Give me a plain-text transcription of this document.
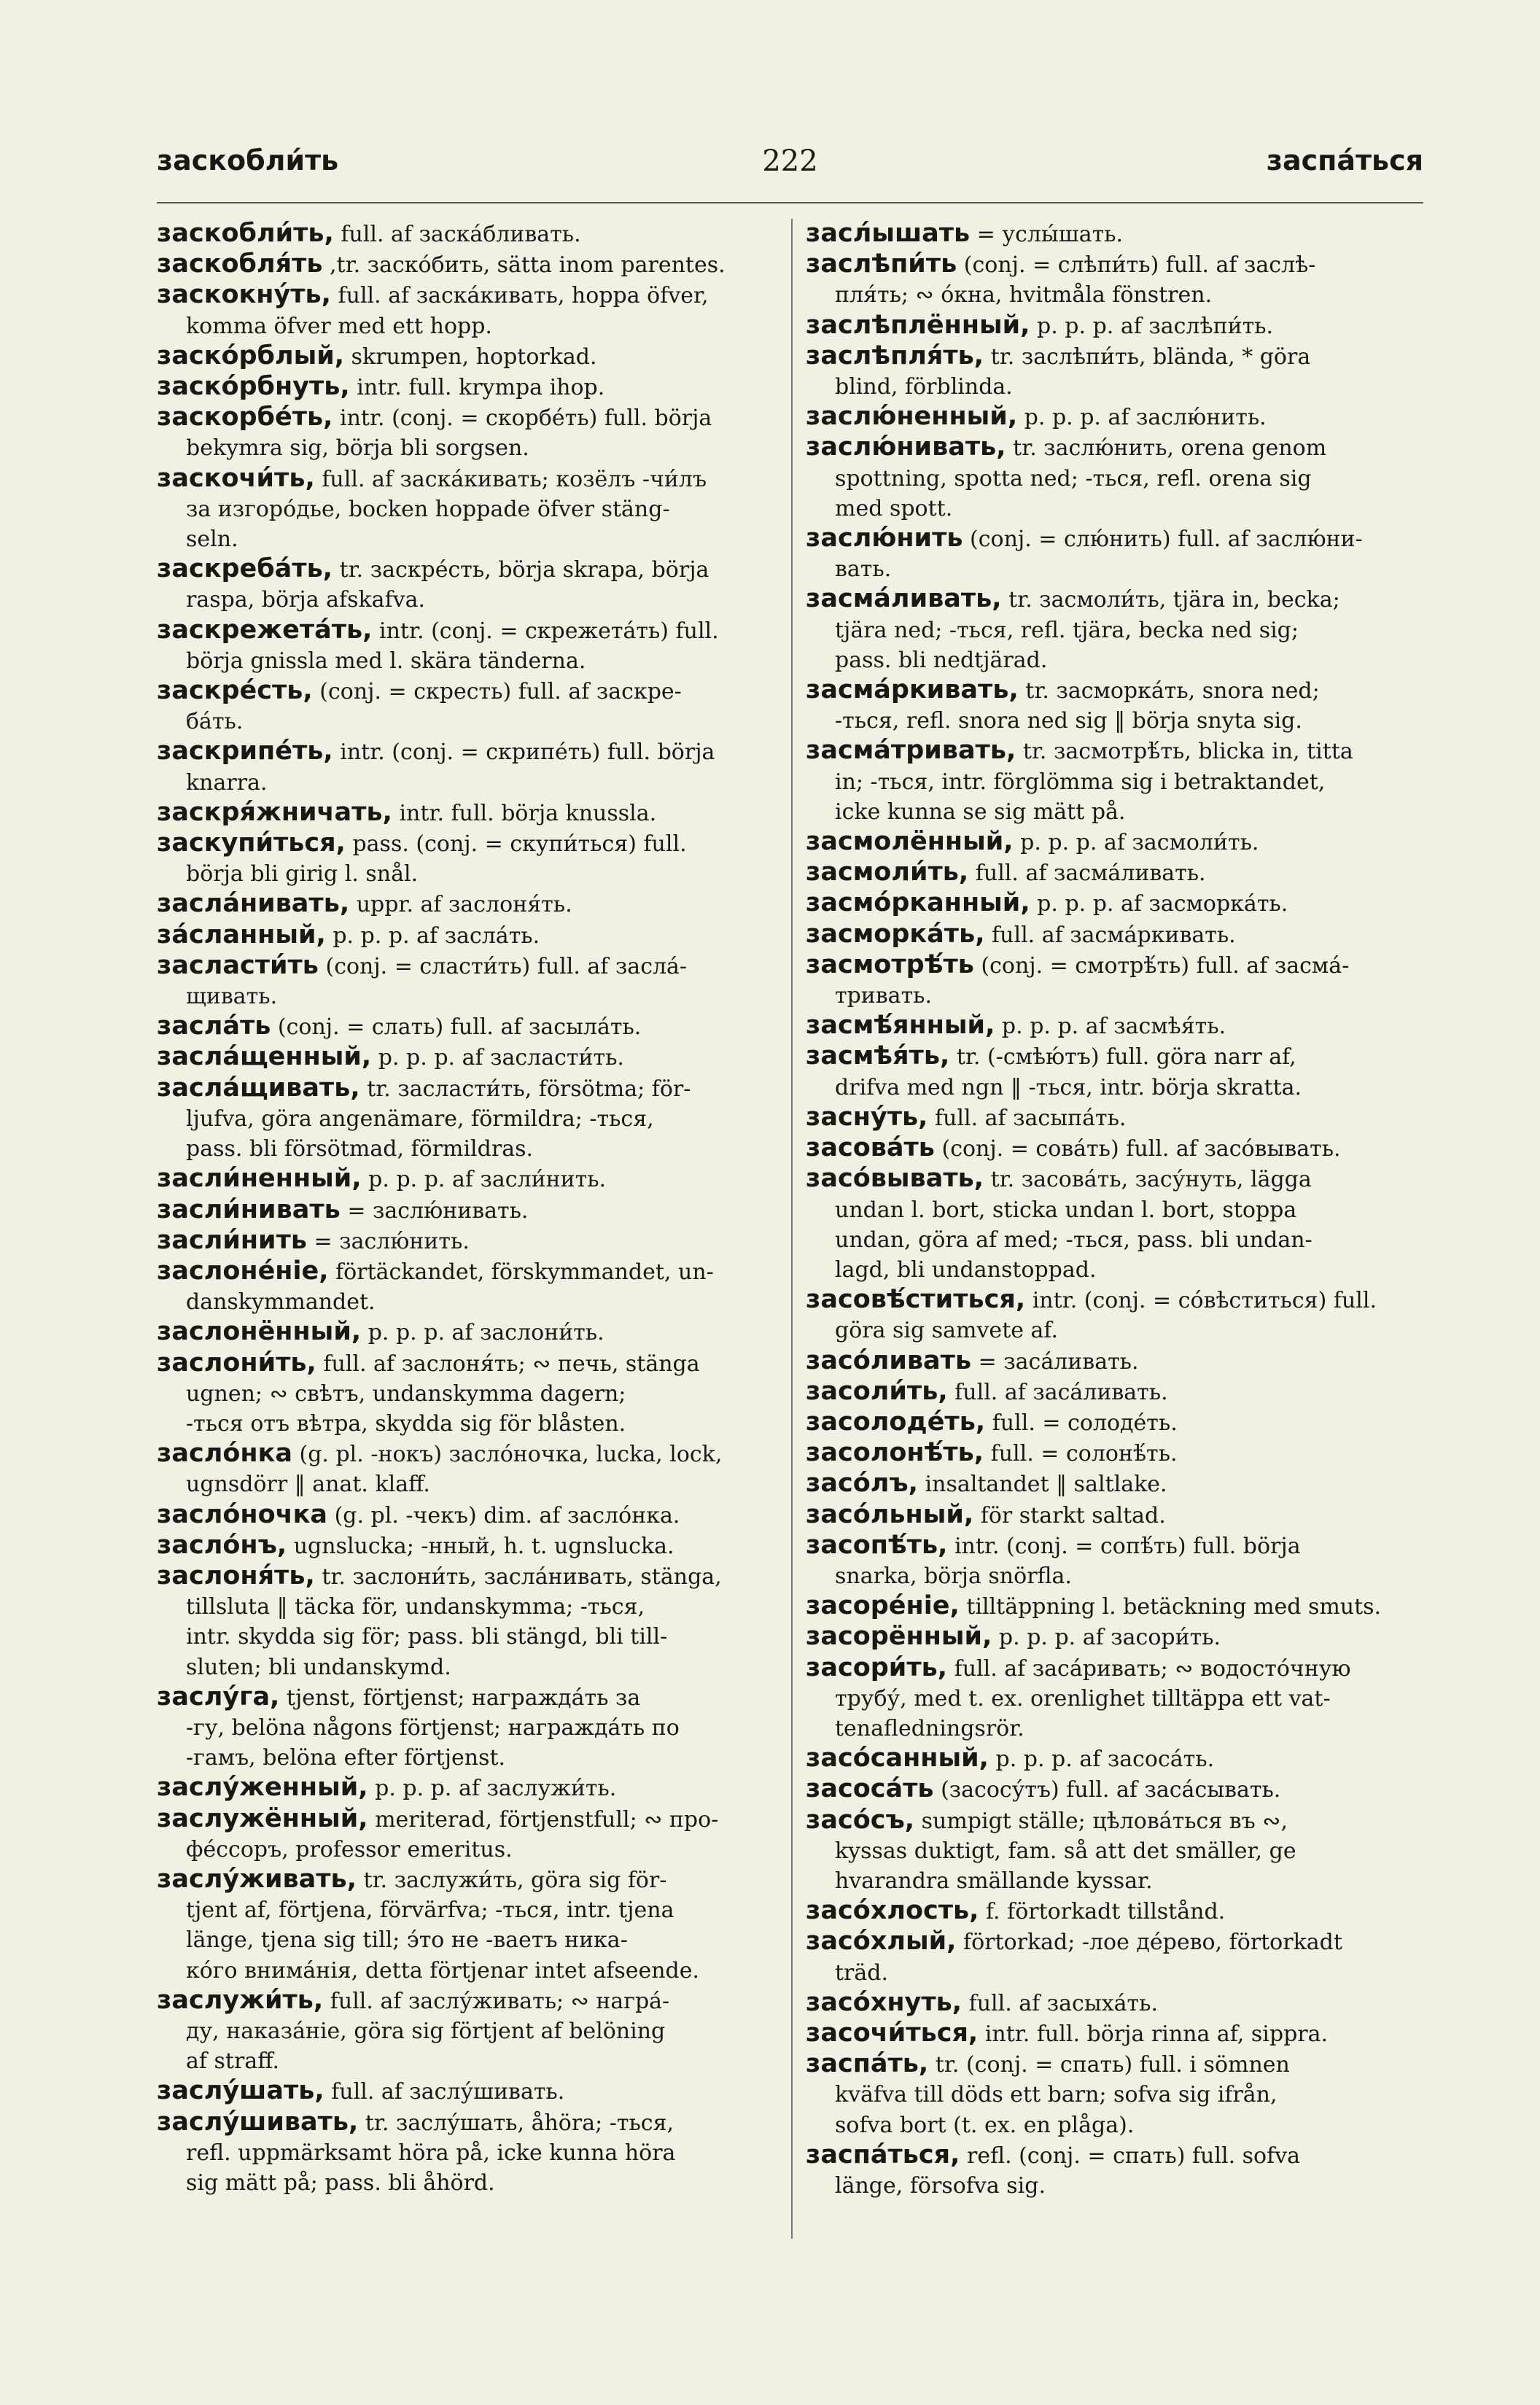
заскобли́ть	222	заспа́ться
заскобли́ть, full. af заска́бливать.
заскобля́ть ,tr. заско́бить, sätta inom parentes.
заскокну́ть, full. af заска́кивать, hoppa öfver,
komma öfver med ett hopp.
заско́рблый, skrumpen, hoptorkad.
заско́рбнуть, intr. full. krympa ihop.
заскорбе́ть, intr. (conj. = скорбе́ть) full. börja
bekymra sig, börja bli sorgsen.
заскочи́ть, full. af заска́кивать; козёлъ -чи́лъ
за изгоро́дье, bocken hoppade öfver stäng-
seln.
заскреба́ть, tr. заскре́сть, börja skrapa, börja
raspa, börja afskafva.
заскрежета́ть, intr. (conj. = скрежета́ть) full.
börja gnissla med l. skära tänderna.
заскре́сть, (conj. = скресть) full. af заскре-
ба́ть.
заскрипе́ть, intr. (conj. = скрипе́ть) full. börja
knarra.
заскря́жничать, intr. full. börja knussla.
заскупи́ться, pass. (conj. = скупи́ться) full.
börja bli girig l. snål.
засла́нивать, uppr. af заслоня́ть.
за́сланный, p. p. p. af засла́ть.
засласти́ть (conj. = сласти́ть) full. af засла́-
щивать.
засла́ть (conj. = слать) full. af засыла́ть.
засла́щенный, p. p. p. af засласти́ть.
засла́щивать, tr. засласти́ть, försötma; för-
ljufva, göra angenämare, förmildra; -ться,
pass. bli försötmad, förmildras.
засли́ненный, p. p. p. af засли́нить.
засли́нивать = заслю́нивать.
засли́нить = заслю́нить.
заслоне́ніе, förtäckandet, förskymmandet, un-
danskymmandet.
заслонённый, p. p. p. af заслони́ть.
заслони́ть, full. af заслоня́ть; ∾ печь, stänga
ugnen; ∾ свѣтъ, undanskymma dagern;
-ться отъ вѣтра, skydda sig för blåsten.
засло́нка (g. pl. -нокъ) засло́ночка, lucka, lock,
ugnsdörr ‖ anat. klaff.
засло́ночка (g. pl. -чекъ) dim. af засло́нка.
засло́нъ, ugnslucka; -нный, h. t. ugnslucka.
заслоня́ть, tr. заслони́ть, засла́нивать, stänga,
tillsluta ‖ täcka för, undanskymma; -ться,
intr. skydda sig för; pass. bli stängd, bli till-
sluten; bli undanskymd.
заслу́га, tjenst, förtjenst; награжда́ть за
-гу, belöna någons förtjenst; награжда́ть по
-гамъ, belöna efter förtjenst.
заслу́женный, p. p. p. af заслужи́ть.
заслужённый, meriterad, förtjenstfull; ∾ про-
фе́ссоръ, professor emeritus.
заслу́живать, tr. заслужи́ть, göra sig för-
tjent af, förtjena, förvärfva; -ться, intr. tjena
länge, tjena sig till; э́то не -ваетъ ника-
ко́го внима́нія, detta förtjenar intet afseende.
заслужи́ть, full. af заслу́живать; ∾ награ́-
ду, наказа́ніе, göra sig förtjent af belöning
af straff.
заслу́шать, full. af заслу́шивать.
заслу́шивать, tr. заслу́шать, åhöra; -ться,
refl. uppmärksamt höra på, icke kunna höra
sig mätt på; pass. bli åhörd.
засл́ышать = услы́шать.
заслѣпи́ть (conj. = слѣпи́ть) full. af заслѣ-
пля́ть; ∾ о́кна, hvitmåla fönstren.
заслѣплённый, p. p. p. af заслѣпи́ть.
заслѣпля́ть, tr. заслѣпи́ть, blända, * göra
blind, förblinda.
заслю́ненный, p. p. p. af заслю́нить.
заслю́нивать, tr. заслю́нить, orena genom
spottning, spotta ned; -ться, refl. orena sig
med spott.
заслю́нить (conj. = слю́нить) full. af заслю́ни-
вать.
засма́ливать, tr. засмоли́ть, tjära in, becka;
tjära ned; -ться, refl. tjära, becka ned sig;
pass. bli nedtjärad.
засма́ркивать, tr. засморка́ть, snora ned;
-ться, refl. snora ned sig ‖ börja snyta sig.
засма́тривать, tr. засмотрѣ́ть, blicka in, titta
in; -ться, intr. förglömma sig i betraktandet,
icke kunna se sig mätt på.
засмолённый, p. p. p. af засмоли́ть.
засмоли́ть, full. af засма́ливать.
засмо́рканный, p. p. p. af засморка́ть.
засморка́ть, full. af засма́ркивать.
засмотрѣ́ть (conj. = смотрѣ́ть) full. af засма́-
тривать.
засмѣ́янный, p. p. p. af засмѣя́ть.
засмѣя́ть, tr. (-смѣю́тъ) full. göra narr af,
drifva med ngn ‖ -ться, intr. börja skratta.
засну́ть, full. af засыпа́ть.
засова́ть (conj. = сова́ть) full. af засо́вывать.
засо́вывать, tr. засова́ть, засу́нуть, lägga
undan l. bort, sticka undan l. bort, stoppa
undan, göra af med; -ться, pass. bli undan-
lagd, bli undanstoppad.
засовѣ́ститься, intr. (conj. = со́вѣститься) full.
göra sig samvete af.
засо́ливать = заса́ливать.
засоли́ть, full. af заса́ливать.
засолоде́ть, full. = солоде́ть.
засолонѣ́ть, full. = солонѣ́ть.
засо́лъ, insaltandet ‖ saltlake.
засо́льный, för starkt saltad.
засопѣ́ть, intr. (conj. = сопѣ́ть) full. börja
snarka, börja snörfla.
засоре́ніе, tilltäppning l. betäckning med smuts.
засорённый, p. p. p. af засори́ть.
засори́ть, full. af заса́ривать; ∾ водосто́чную
трубу́, med t. ex. orenlighet tilltäppa ett vat-
tenafledningsrör.
засо́санный, p. p. p. af засоса́ть.
засоса́ть (засосу́тъ) full. af заса́сывать.
засо́съ, sumpigt ställe; цѣлова́ться въ ∾,
kyssas duktigt, fam. så att det smäller, ge
hvarandra smällande kyssar.
засо́хлость, f. förtorkadt tillstånd.
засо́хлый, förtorkad; -лое де́рево, förtorkadt
träd.
засо́хнуть, full. af засыха́ть.
засочи́ться, intr. full. börja rinna af, sippra.
заспа́ть, tr. (conj. = спать) full. i sömnen
kväfva till döds ett barn; sofva sig ifrån,
sofva bort (t. ex. en plåga).
заспа́ться, refl. (conj. = спать) full. sofva
länge, försofva sig.
